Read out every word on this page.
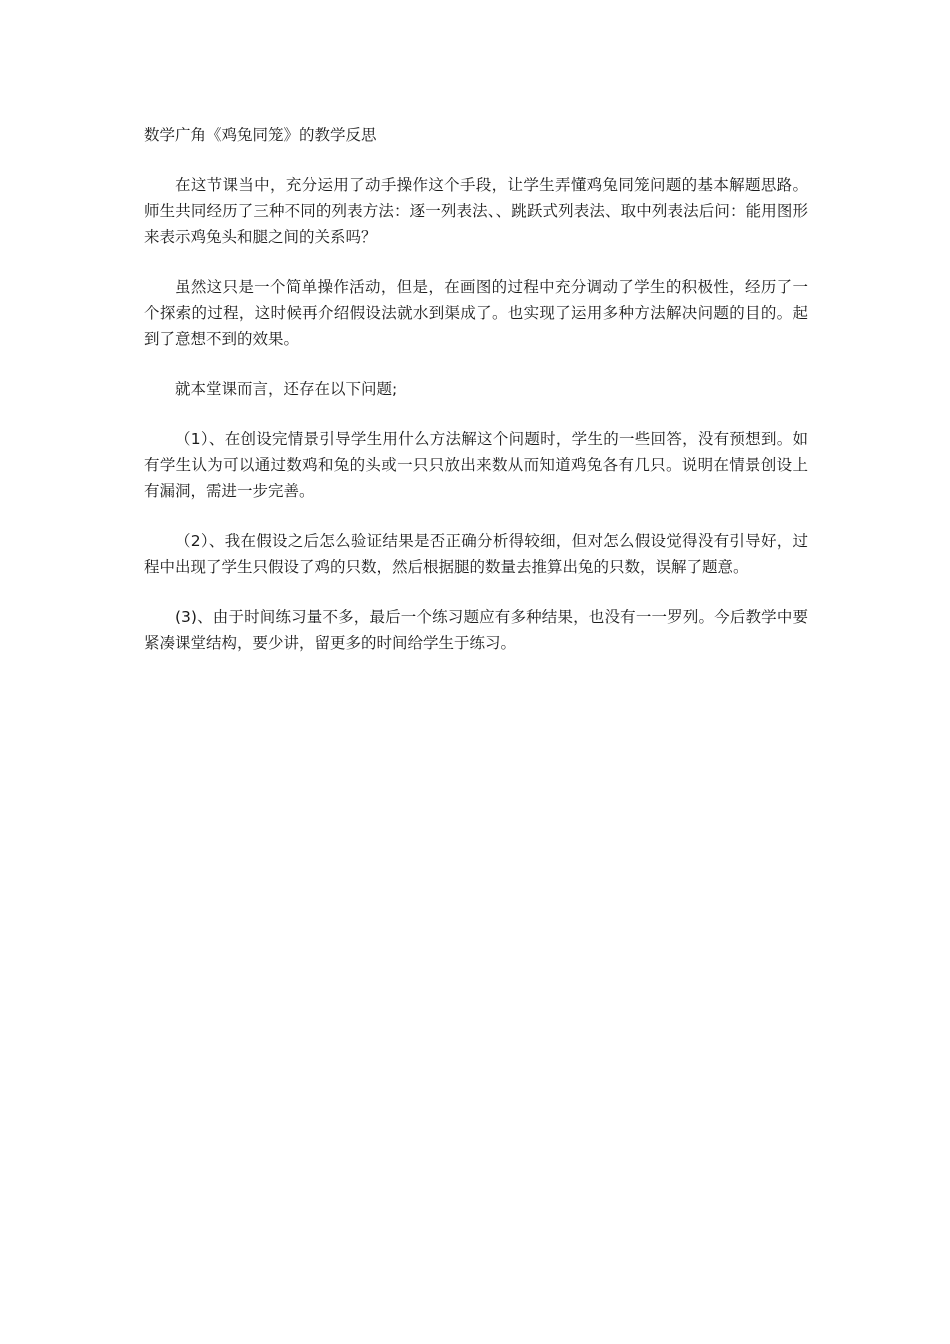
数学广角《鸡兔同笼》的教学反思

在这节课当中，充分运用了动手操作这个手段，让学生弄懂鸡兔同笼问题的基本解题思路。师生共同经历了三种不同的列表方法：逐一列表法、、跳跃式列表法、取中列表法后问：能用图形来表示鸡兔头和腿之间的关系吗？

虽然这只是一个简单操作活动，但是，在画图的过程中充分调动了学生的积极性，经历了一个探索的过程，这时候再介绍假设法就水到渠成了。也实现了运用多种方法解决问题的目的。起到了意想不到的效果。

就本堂课而言，还存在以下问题;

（1）、在创设完情景引导学生用什么方法解这个问题时，学生的一些回答，没有预想到。如有学生认为可以通过数鸡和兔的头或一只只放出来数从而知道鸡兔各有几只。说明在情景创设上有漏洞，需进一步完善。

（2）、我在假设之后怎么验证结果是否正确分析得较细，但对怎么假设觉得没有引导好，过程中出现了学生只假设了鸡的只数，然后根据腿的数量去推算出兔的只数，误解了题意。

(3)、由于时间练习量不多，最后一个练习题应有多种结果，也没有一一罗列。今后教学中要紧凑课堂结构，要少讲，留更多的时间给学生于练习。
